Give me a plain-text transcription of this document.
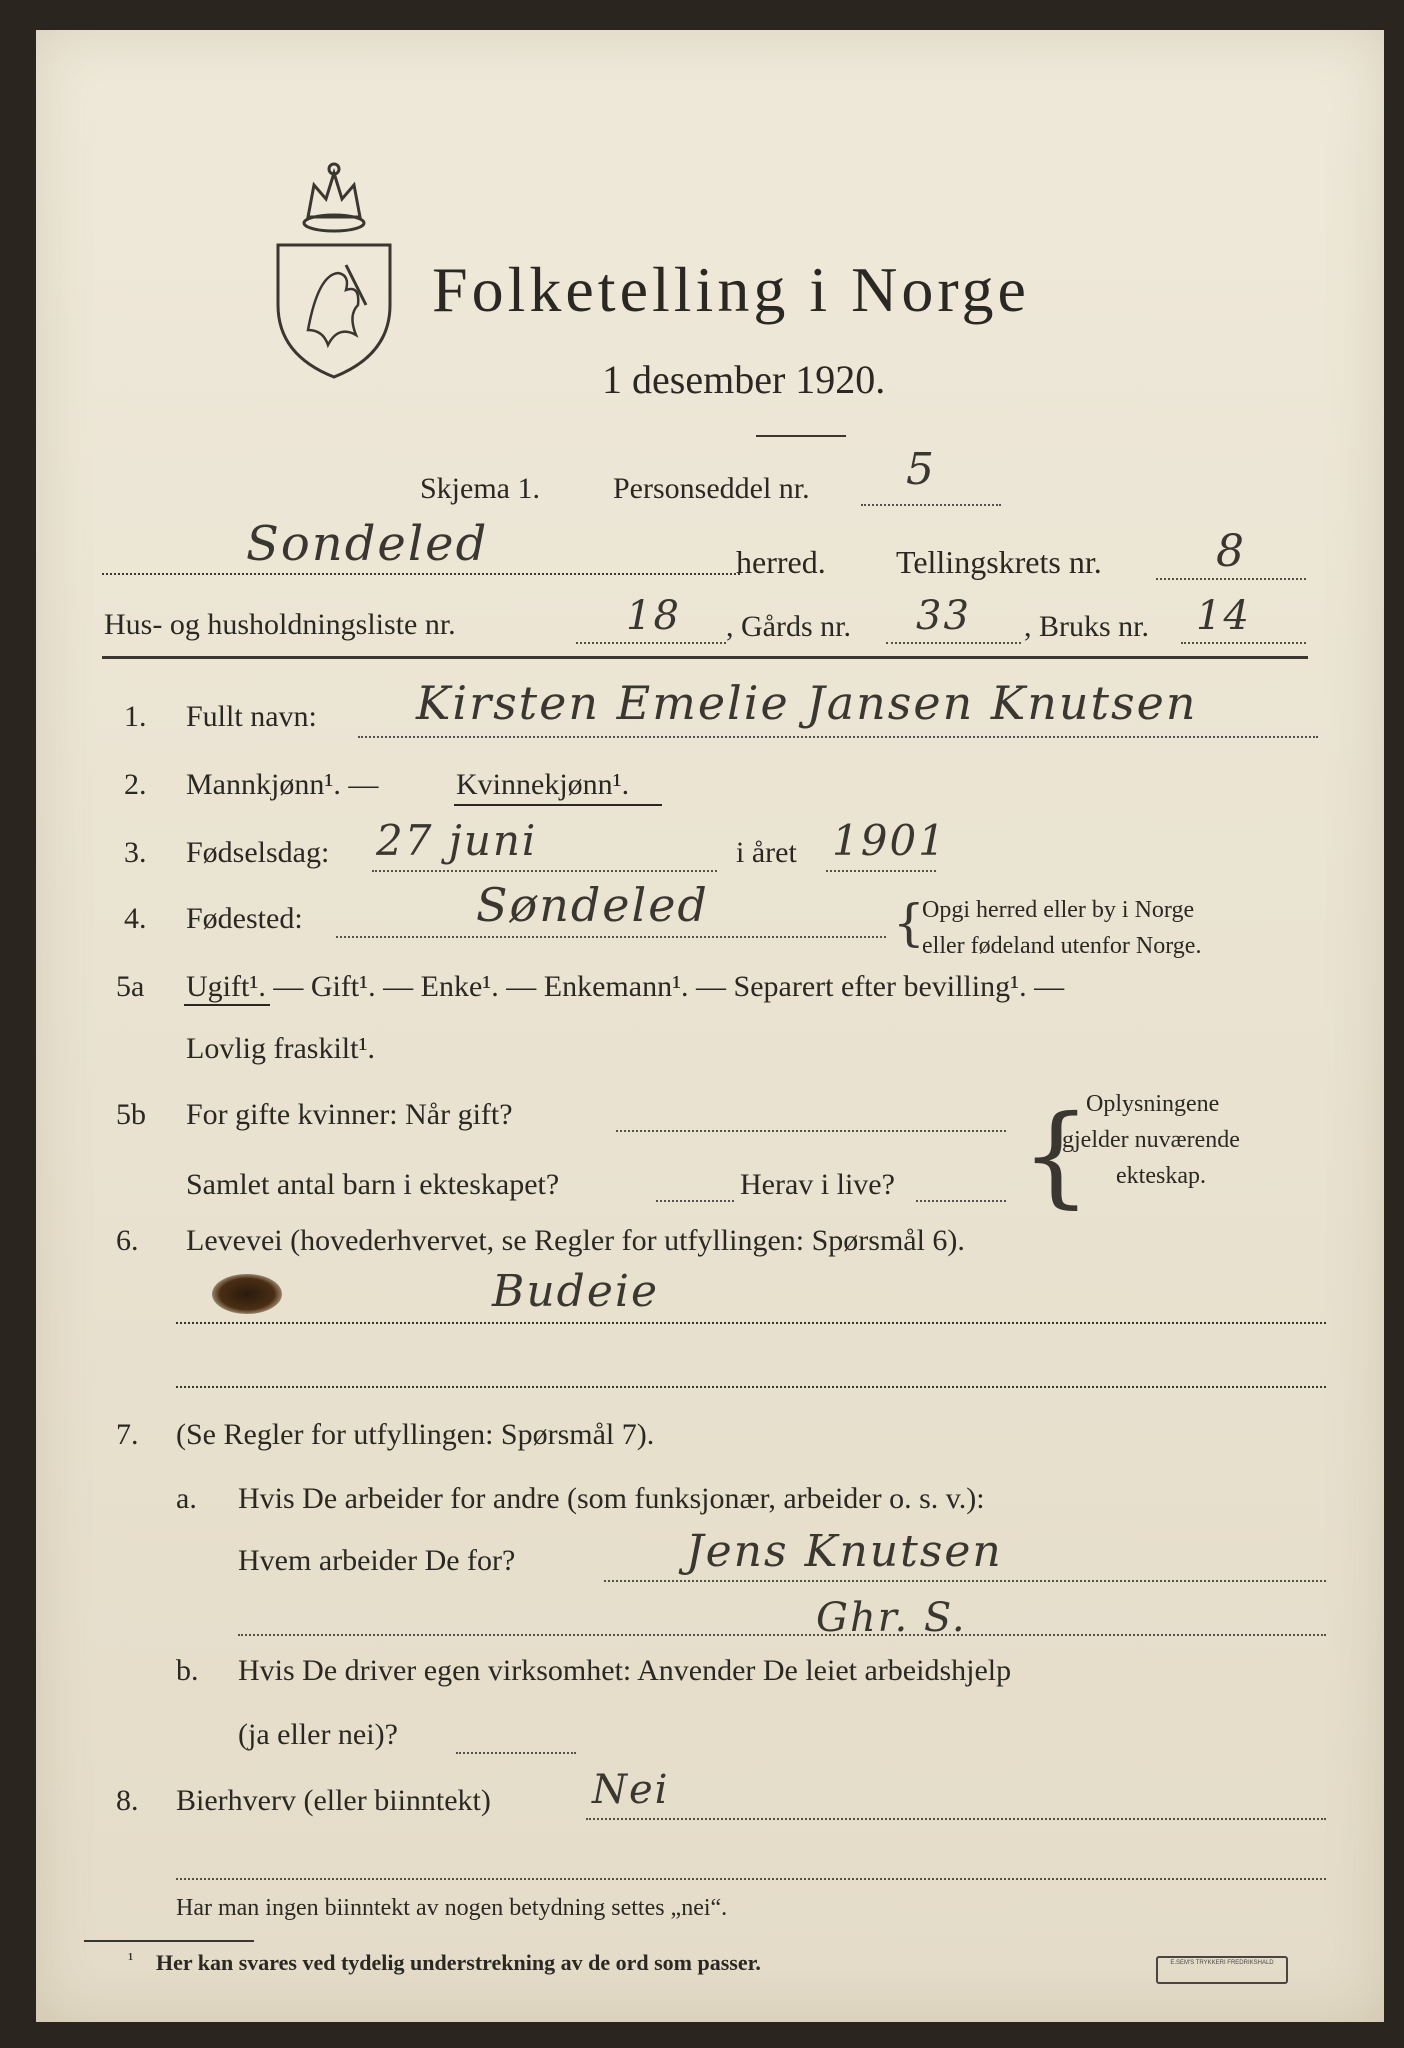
Folketelling i Norge
1 desember 1920.
Skjema 1. Personseddel nr. 5
Sondeled	herred. Tellingskrets nr.	8
Hus- og husholdningsliste nr.	18 , Gårds nr. 33 , Bruks nr. 14
1. Fullt navn: Kirsten Emelie Jansen Knutsen
2. Mannkjønn¹. —	Kvinnekjønn¹.
3. Fødselsdag: 27 juni	i året 1901
4. Fødested:	Søndeled	{
Opgi herred eller by i Norge
eller fødeland utenfor Norge.
5a Ugift¹. — Gift¹. — Enke¹. — Enkemann¹. — Separert efter bevilling¹. —
Lovlig fraskilt¹.
5b For gifte kvinner: Når gift?
Samlet antal barn i ekteskapet?	Herav i live? {
Oplysningene
gjelder nuværende
ekteskap.
6. Levevei (hovederhvervet, se Regler for utfyllingen: Spørsmål 6).
Budeie
7. (Se Regler for utfyllingen: Spørsmål 7).
a. Hvis De arbeider for andre (som funksjonær, arbeider o. s. v.):
Hvem arbeider De for?	Jens Knutsen
Ghr. S.
b. Hvis De driver egen virksomhet: Anvender De leiet arbeidshjelp
(ja eller nei)?
8. Bierhverv (eller biinntekt)	Nei
Har man ingen biinntekt av nogen betydning settes „nei“.
¹ Her kan svares ved tydelig understrekning av de ord som passer.	E.SEM'S TRYKKERI FREDRIKSHALD
